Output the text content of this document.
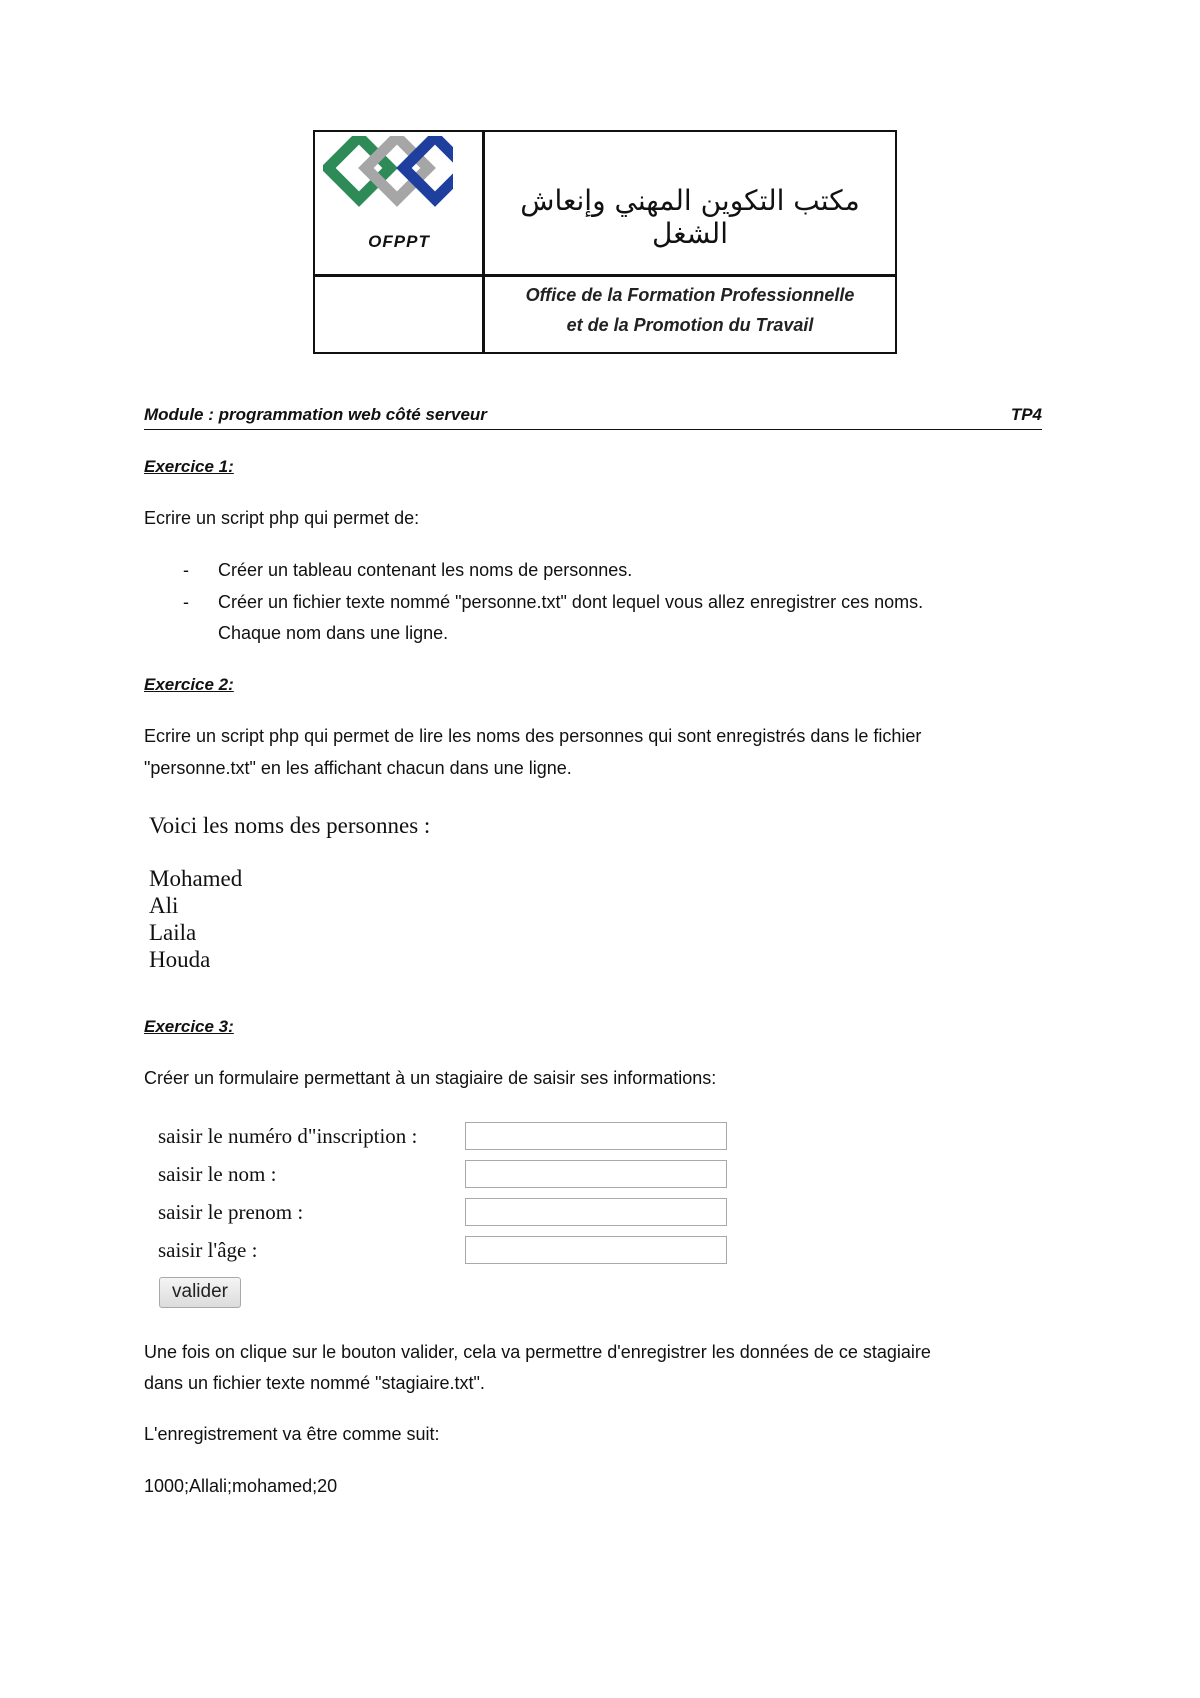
OFPPT
مكتب التكوين المهني وإنعاش الشغل
Office de la Formation Professionnelle
et de la Promotion du Travail
Module : programmation web côté serveur	TP4
Exercice 1:
Ecrire un script php qui permet de:
- Créer un tableau contenant les noms de personnes.
- Créer un fichier texte nommé "personne.txt" dont lequel vous allez enregistrer ces noms.
Chaque nom dans une ligne.
Exercice 2:
Ecrire un script php qui permet de lire les noms des personnes qui sont enregistrés dans le fichier
"personne.txt" en les affichant chacun dans une ligne.
Voici les noms des personnes :
Mohamed
Ali
Laila
Houda
Exercice 3:
Créer un formulaire permettant à un stagiaire de saisir ses informations:
saisir le numéro d"inscription :
saisir le nom :
saisir le prenom :
saisir l'âge :
valider
Une fois on clique sur le bouton valider, cela va permettre d'enregistrer les données de ce stagiaire
dans un fichier texte nommé "stagiaire.txt".
L'enregistrement va être comme suit:
1000;Allali;mohamed;20
